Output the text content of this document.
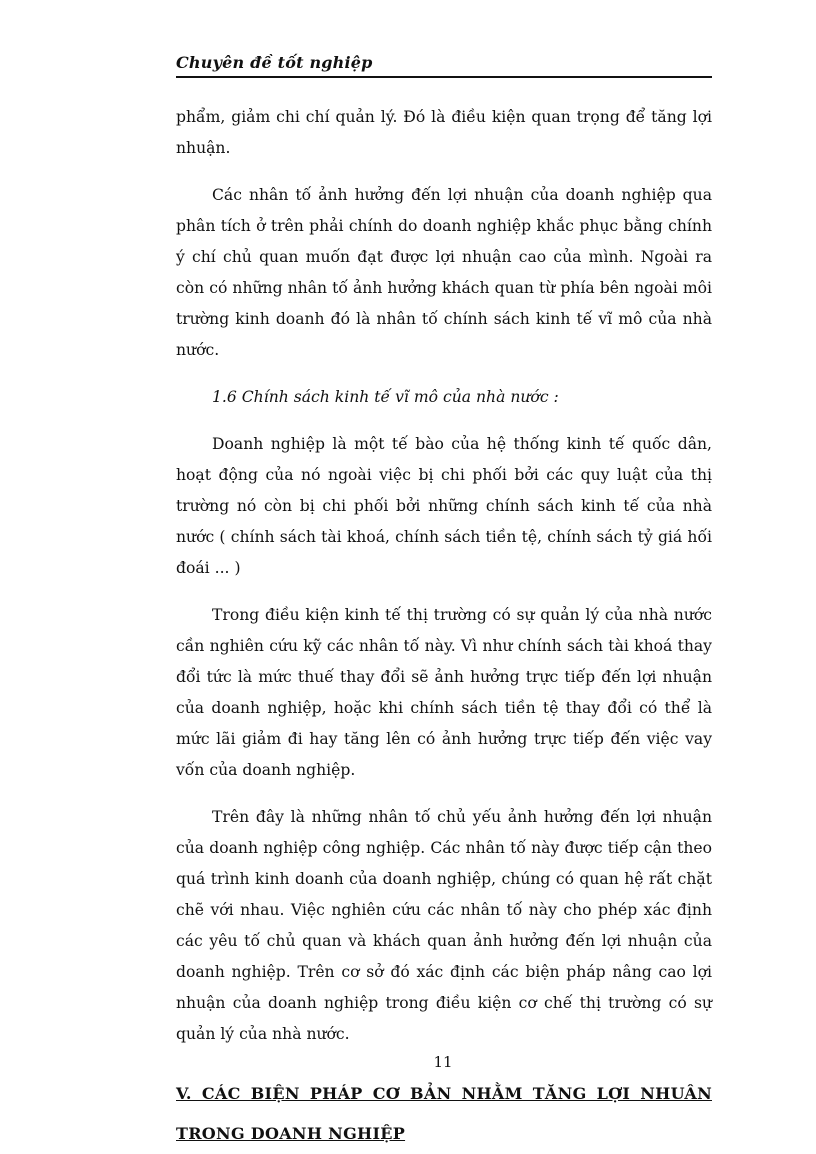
Chuyên đề tốt nghiệp

phẩm, giảm chi chí quản lý. Đó là điều kiện quan trọng để tăng lợi nhuận.

Các nhân tố ảnh hưởng đến lợi nhuận của doanh nghiệp qua phân tích ở trên phải chính do doanh nghiệp khắc phục bằng chính ý chí chủ quan muốn đạt được lợi nhuận cao của mình. Ngoài ra còn có những nhân tố ảnh hưởng khách quan từ phía bên ngoài môi trường kinh doanh đó là nhân tố chính sách kinh tế vĩ mô của nhà nước.

1.6 Chính sách kinh tế vĩ mô của nhà nước :

Doanh nghiệp là một tế bào của hệ thống kinh tế quốc dân, hoạt động của nó ngoài việc bị chi phối bởi các quy luật của thị trường nó còn bị chi phối bởi những chính sách kinh tế của nhà nước ( chính sách tài khoá, chính sách tiền tệ, chính sách tỷ giá hối đoái ... )

Trong điều kiện kinh tế thị trường có sự quản lý của nhà nước cần nghiên cứu kỹ các nhân tố này. Vì như chính sách tài khoá thay đổi tức là mức thuế thay đổi sẽ ảnh hưởng trực tiếp đến lợi nhuận của doanh nghiệp, hoặc khi chính sách tiền tệ thay đổi có thể là mức lãi giảm đi hay tăng lên có ảnh hưởng trực tiếp đến việc vay vốn của doanh nghiệp.

Trên đây là những nhân tố chủ yếu ảnh hưởng đến lợi nhuận của doanh nghiệp công nghiệp. Các nhân tố này được tiếp cận theo quá trình kinh doanh của doanh nghiệp, chúng có quan hệ rất chặt chẽ với nhau. Việc nghiên cứu các nhân tố này cho phép xác định các yêu tố chủ quan và khách quan ảnh hưởng đến lợi nhuận của doanh nghiệp. Trên cơ sở đó xác định các biện pháp nâng cao lợi nhuận của doanh nghiệp trong điều kiện cơ chế thị trường có sự quản lý của nhà nước.

V. CÁC BIỆN PHÁP CƠ BẢN NHẰM TĂNG LỢI NHUÂN TRONG DOANH NGHIỆP
11
